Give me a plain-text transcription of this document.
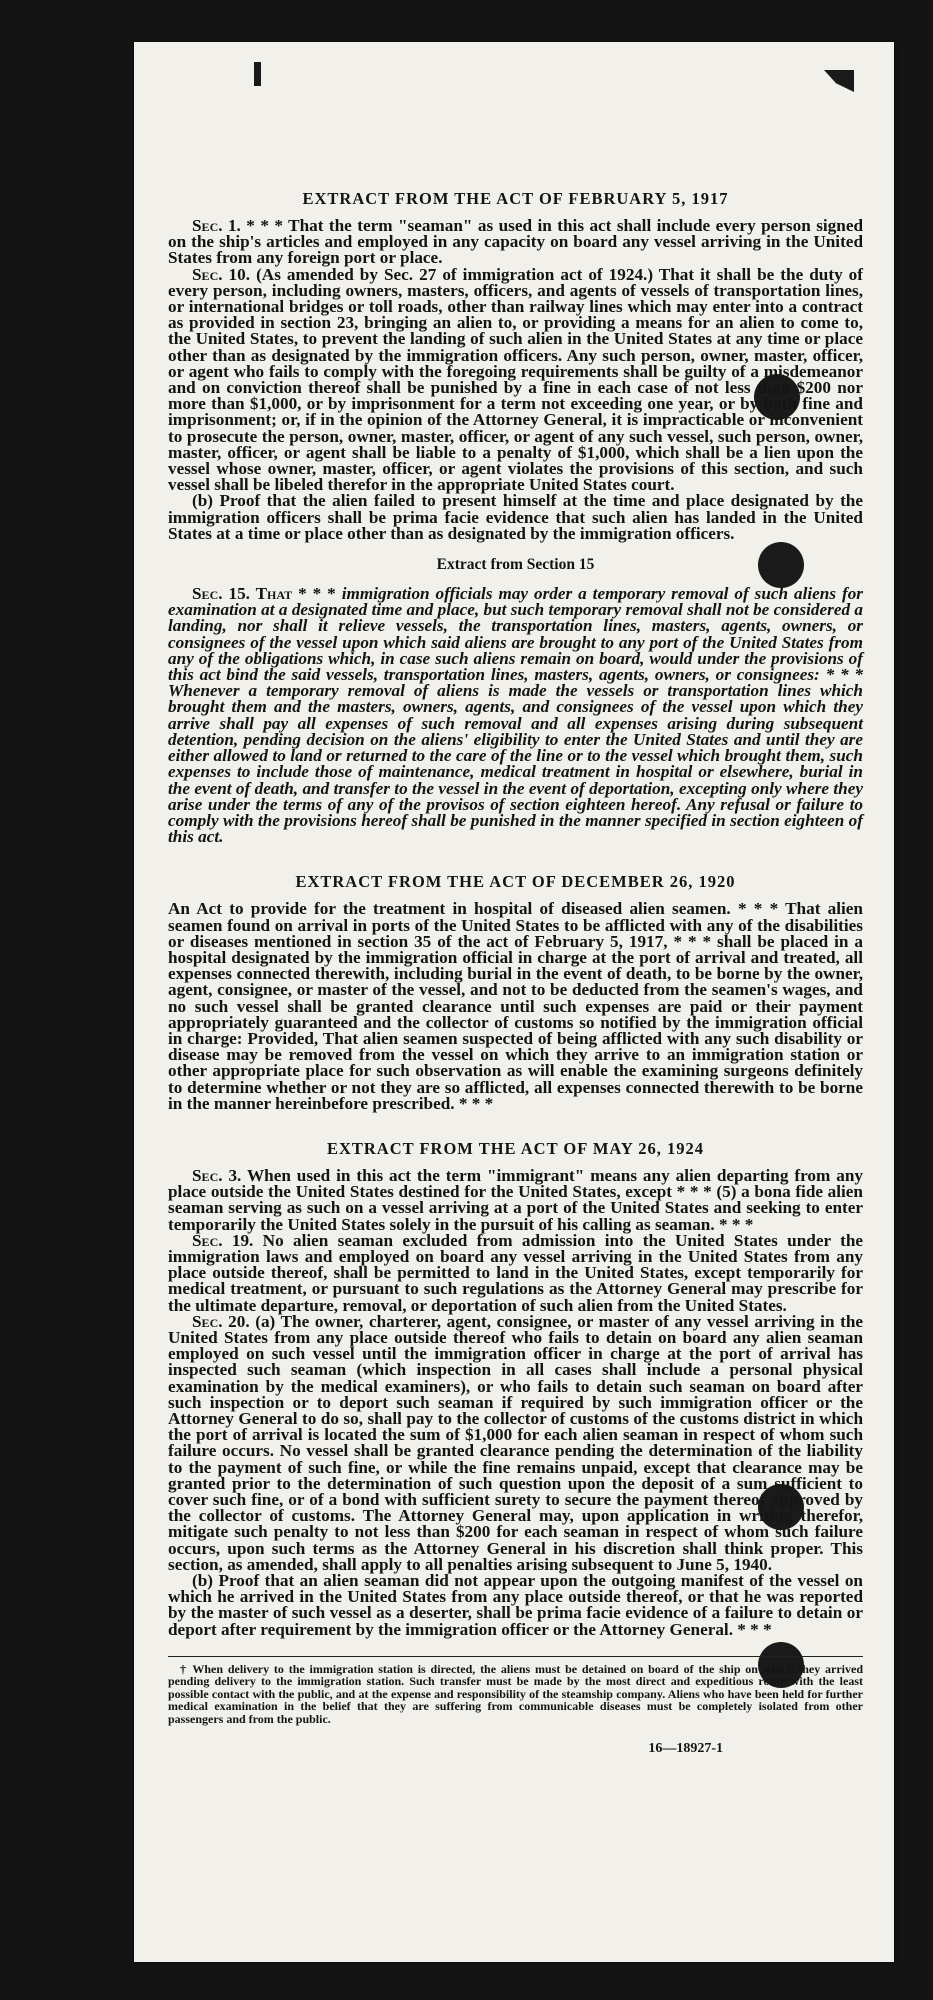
EXTRACT FROM THE ACT OF FEBRUARY 5, 1917

Sec. 1. * * * That the term "seaman" as used in this act shall include every person signed on the ship's articles and employed in any capacity on board any vessel arriving in the United States from any foreign port or place.

Sec. 10. (As amended by Sec. 27 of immigration act of 1924.) That it shall be the duty of every person, including owners, masters, officers, and agents of vessels of transportation lines, or international bridges or toll roads, other than railway lines which may enter into a contract as provided in section 23, bringing an alien to, or providing a means for an alien to come to, the United States, to prevent the landing of such alien in the United States at any time or place other than as designated by the immigration officers. Any such person, owner, master, officer, or agent who fails to comply with the foregoing requirements shall be guilty of a misdemeanor and on conviction thereof shall be punished by a fine in each case of not less than $200 nor more than $1,000, or by imprisonment for a term not exceeding one year, or by both fine and imprisonment; or, if in the opinion of the Attorney General, it is impracticable or inconvenient to prosecute the person, owner, master, officer, or agent of any such vessel, such person, owner, master, officer, or agent shall be liable to a penalty of $1,000, which shall be a lien upon the vessel whose owner, master, officer, or agent violates the provisions of this section, and such vessel shall be libeled therefor in the appropriate United States court.

(b) Proof that the alien failed to present himself at the time and place designated by the immigration officers shall be prima facie evidence that such alien has landed in the United States at a time or place other than as designated by the immigration officers.

Extract from Section 15

Sec. 15. That * * * immigration officials may order a temporary removal of such aliens for examination at a designated time and place, but such temporary removal shall not be considered a landing, nor shall it relieve vessels, the transportation lines, masters, agents, owners, or consignees of the vessel upon which said aliens are brought to any port of the United States from any of the obligations which, in case such aliens remain on board, would under the provisions of this act bind the said vessels, transportation lines, masters, agents, owners, or consignees: * * * Whenever a temporary removal of aliens is made the vessels or transportation lines which brought them and the masters, owners, agents, and consignees of the vessel upon which they arrive shall pay all expenses of such removal and all expenses arising during subsequent detention, pending decision on the aliens' eligibility to enter the United States and until they are either allowed to land or returned to the care of the line or to the vessel which brought them, such expenses to include those of maintenance, medical treatment in hospital or elsewhere, burial in the event of death, and transfer to the vessel in the event of deportation, excepting only where they arise under the terms of any of the provisos of section eighteen hereof. Any refusal or failure to comply with the provisions hereof shall be punished in the manner specified in section eighteen of this act.

EXTRACT FROM THE ACT OF DECEMBER 26, 1920

An Act to provide for the treatment in hospital of diseased alien seamen. * * * That alien seamen found on arrival in ports of the United States to be afflicted with any of the disabilities or diseases mentioned in section 35 of the act of February 5, 1917, * * * shall be placed in a hospital designated by the immigration official in charge at the port of arrival and treated, all expenses connected therewith, including burial in the event of death, to be borne by the owner, agent, consignee, or master of the vessel, and not to be deducted from the seamen's wages, and no such vessel shall be granted clearance until such expenses are paid or their payment appropriately guaranteed and the collector of customs so notified by the immigration official in charge: Provided, That alien seamen suspected of being afflicted with any such disability or disease may be removed from the vessel on which they arrive to an immigration station or other appropriate place for such observation as will enable the examining surgeons definitely to determine whether or not they are so afflicted, all expenses connected therewith to be borne in the manner hereinbefore prescribed. * * *

EXTRACT FROM THE ACT OF MAY 26, 1924

Sec. 3. When used in this act the term "immigrant" means any alien departing from any place outside the United States destined for the United States, except * * * (5) a bona fide alien seaman serving as such on a vessel arriving at a port of the United States and seeking to enter temporarily the United States solely in the pursuit of his calling as seaman. * * *

Sec. 19. No alien seaman excluded from admission into the United States under the immigration laws and employed on board any vessel arriving in the United States from any place outside thereof, shall be permitted to land in the United States, except temporarily for medical treatment, or pursuant to such regulations as the Attorney General may prescribe for the ultimate departure, removal, or deportation of such alien from the United States.

Sec. 20. (a) The owner, charterer, agent, consignee, or master of any vessel arriving in the United States from any place outside thereof who fails to detain on board any alien seaman employed on such vessel until the immigration officer in charge at the port of arrival has inspected such seaman (which inspection in all cases shall include a personal physical examination by the medical examiners), or who fails to detain such seaman on board after such inspection or to deport such seaman if required by such immigration officer or the Attorney General to do so, shall pay to the collector of customs of the customs district in which the port of arrival is located the sum of $1,000 for each alien seaman in respect of whom such failure occurs. No vessel shall be granted clearance pending the determination of the liability to the payment of such fine, or while the fine remains unpaid, except that clearance may be granted prior to the determination of such question upon the deposit of a sum sufficient to cover such fine, or of a bond with sufficient surety to secure the payment thereof approved by the collector of customs. The Attorney General may, upon application in writing therefor, mitigate such penalty to not less than $200 for each seaman in respect of whom such failure occurs, upon such terms as the Attorney General in his discretion shall think proper. This section, as amended, shall apply to all penalties arising subsequent to June 5, 1940.

(b) Proof that an alien seaman did not appear upon the outgoing manifest of the vessel on which he arrived in the United States from any place outside thereof, or that he was reported by the master of such vessel as a deserter, shall be prima facie evidence of a failure to detain or deport after requirement by the immigration officer or the Attorney General. * * *

† When delivery to the immigration station is directed, the aliens must be detained on board of the ship on which they arrived pending delivery to the immigration station. Such transfer must be made by the most direct and expeditious route with the least possible contact with the public, and at the expense and responsibility of the steamship company. Aliens who have been held for further medical examination in the belief that they are suffering from communicable diseases must be completely isolated from other passengers and from the public.

16—18927-1
